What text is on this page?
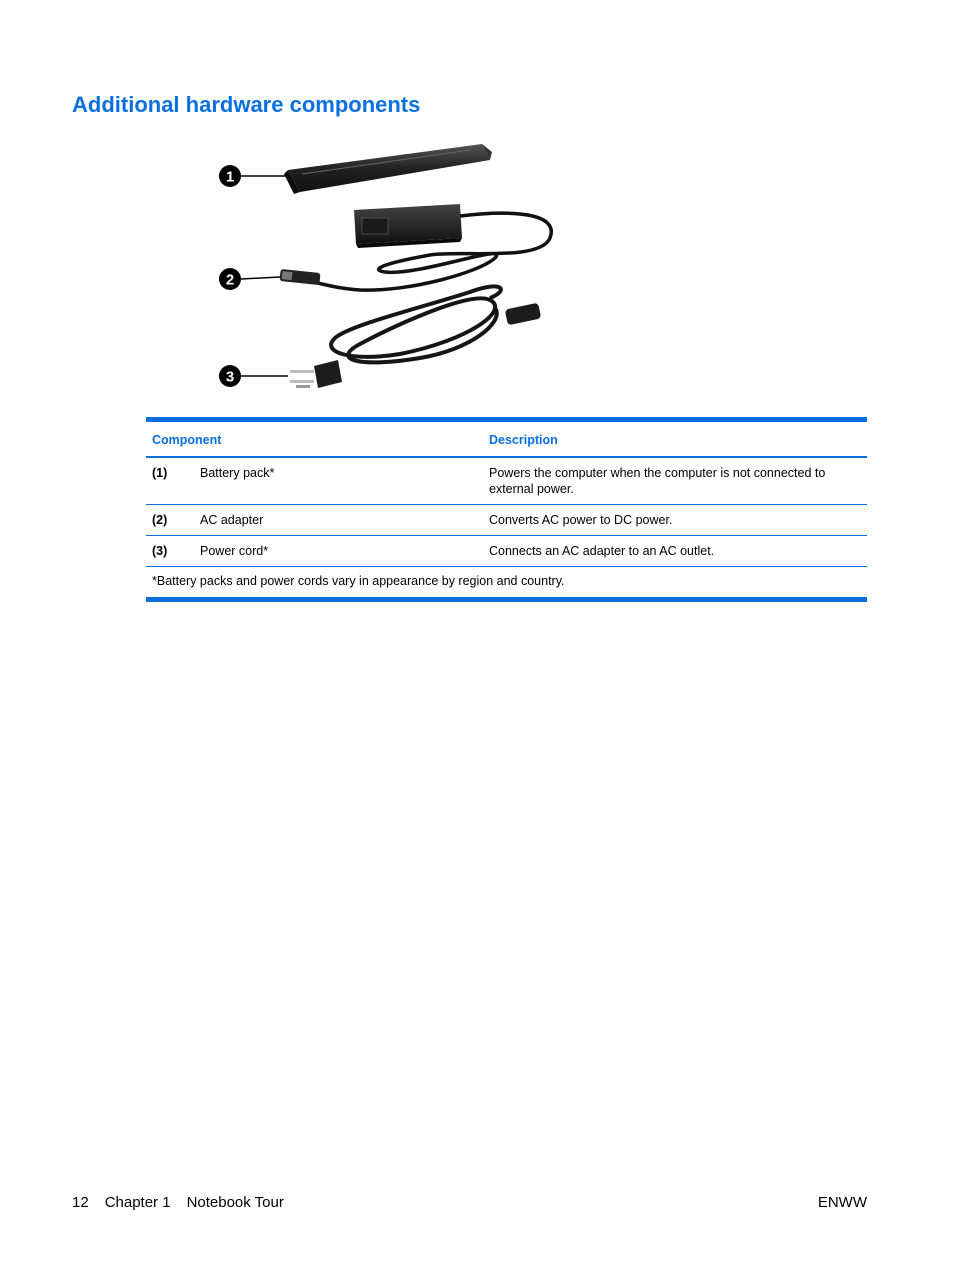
Additional hardware components
1
2
3
Component		Description
(1)	Battery pack*	Powers the computer when the computer is not connected to external power.
(2)	AC adapter	Converts AC power to DC power.
(3)	Power cord*	Connects an AC adapter to an AC outlet.
*Battery packs and power cords vary in appearance by region and country.		
12 Chapter 1 Notebook Tour	ENWW
